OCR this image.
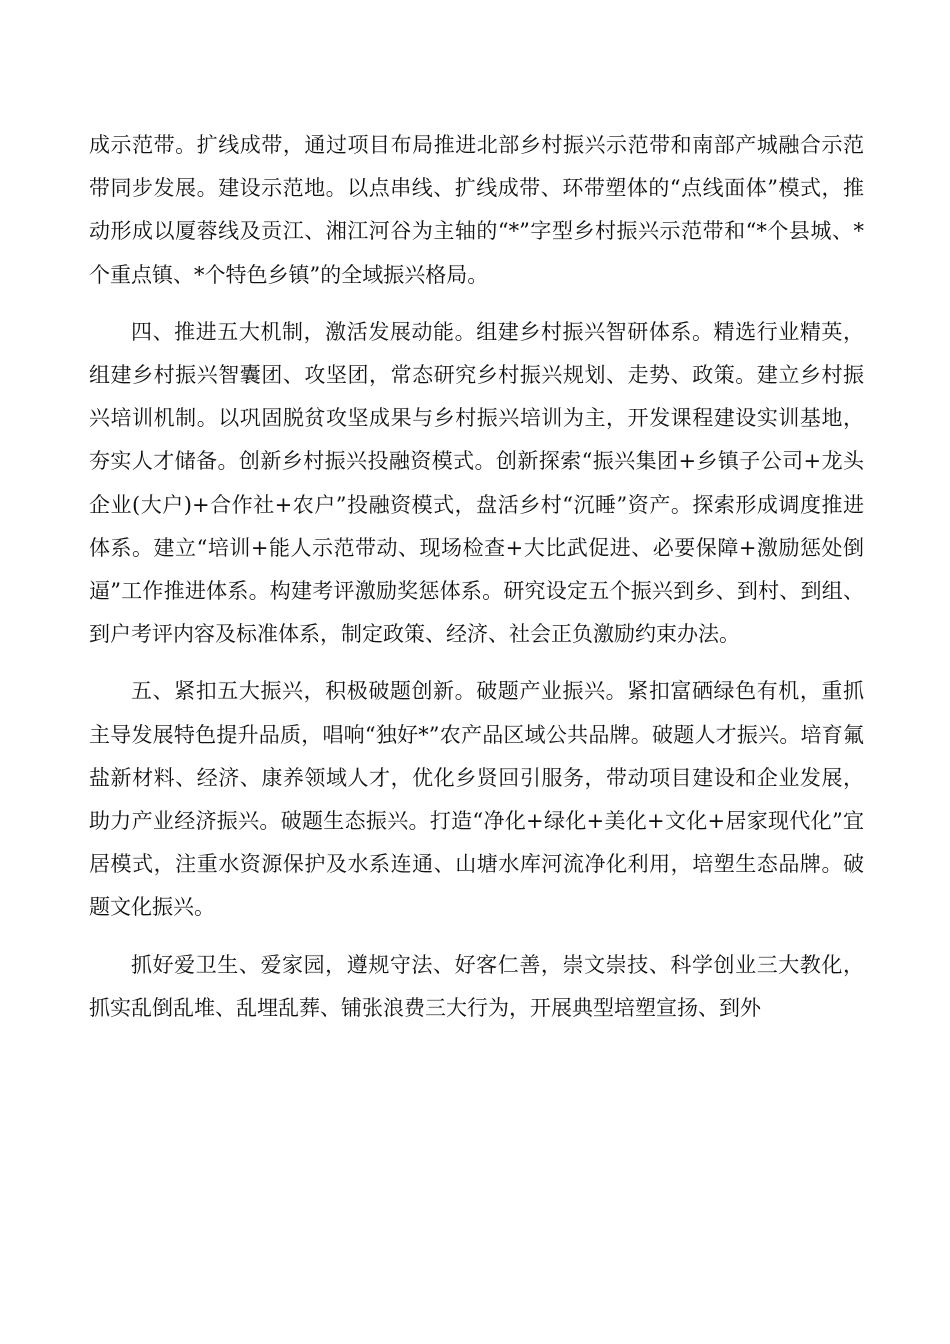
成示范带。扩线成带，通过项目布局推进北部乡村振兴示范带和南部产城融合示范带同步发展。建设示范地。以点串线、扩线成带、环带塑体的“点线面体”模式，推动形成以厦蓉线及贡江、湘江河谷为主轴的“*”字型乡村振兴示范带和“*个县城、*个重点镇、*个特色乡镇”的全域振兴格局。

四、推进五大机制，激活发展动能。组建乡村振兴智研体系。精选行业精英，组建乡村振兴智囊团、攻坚团，常态研究乡村振兴规划、走势、政策。建立乡村振兴培训机制。以巩固脱贫攻坚成果与乡村振兴培训为主，开发课程建设实训基地，夯实人才储备。创新乡村振兴投融资模式。创新探索“振兴集团+乡镇子公司+龙头企业(大户)+合作社+农户”投融资模式，盘活乡村“沉睡”资产。探索形成调度推进体系。建立“培训+能人示范带动、现场检查+大比武促进、必要保障+激励惩处倒逼”工作推进体系。构建考评激励奖惩体系。研究设定五个振兴到乡、到村、到组、到户考评内容及标准体系，制定政策、经济、社会正负激励约束办法。

五、紧扣五大振兴，积极破题创新。破题产业振兴。紧扣富硒绿色有机，重抓主导发展特色提升品质，唱响“独好*”农产品区域公共品牌。破题人才振兴。培育氟盐新材料、经济、康养领域人才，优化乡贤回引服务，带动项目建设和企业发展，助力产业经济振兴。破题生态振兴。打造“净化+绿化+美化+文化+居家现代化”宜居模式，注重水资源保护及水系连通、山塘水库河流净化利用，培塑生态品牌。破题文化振兴。

抓好爱卫生、爱家园，遵规守法、好客仁善，崇文崇技、科学创业三大教化，抓实乱倒乱堆、乱埋乱葬、铺张浪费三大行为，开展典型培塑宣扬、到外
